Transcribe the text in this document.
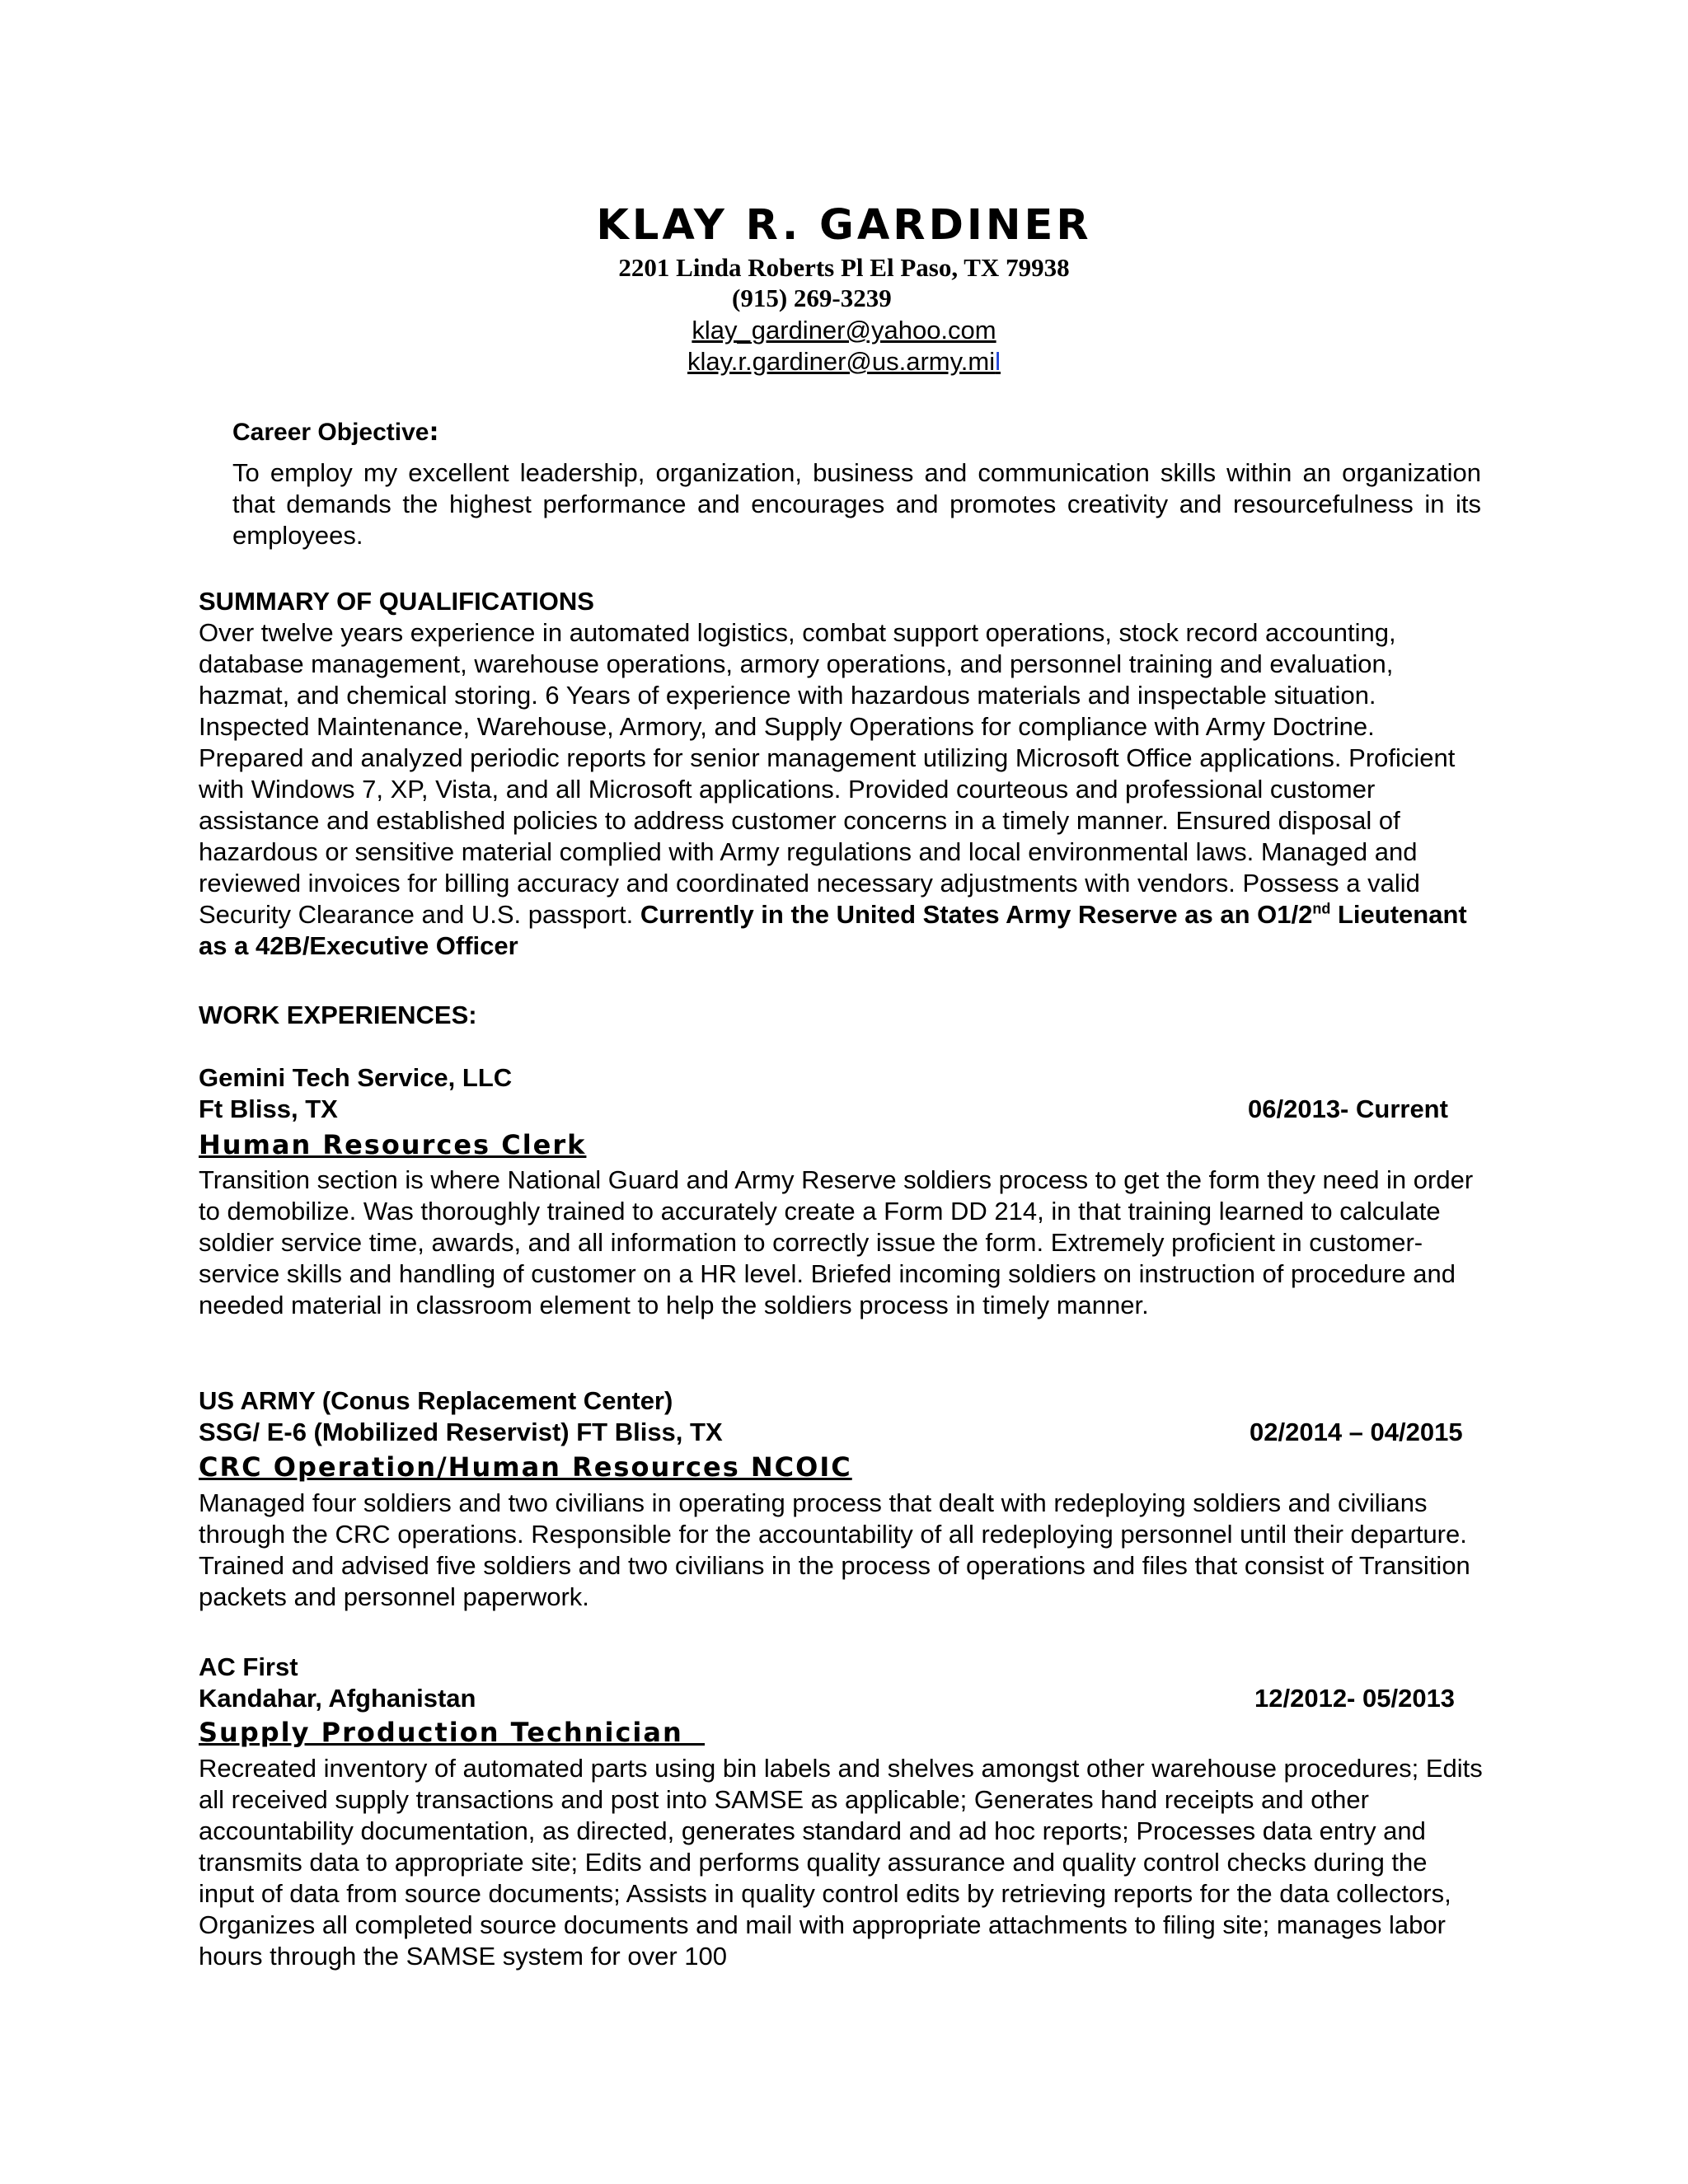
KLAY R. GARDINER
2201 Linda Roberts Pl El Paso, TX 79938
(915) 269-3239
klay_gardiner@yahoo.com
klay.r.gardiner@us.army.mil
Career Objective:
To employ my excellent leadership, organization, business and communication skills within an organization that demands the highest performance and encourages and promotes creativity and resourcefulness in its employees.
SUMMARY OF QUALIFICATIONS
Over twelve years experience in automated logistics, combat support operations, stock record accounting, database management, warehouse operations, armory operations, and personnel training and evaluation, hazmat, and chemical storing. 6 Years of experience with hazardous materials and inspectable situation. Inspected Maintenance, Warehouse, Armory, and Supply Operations for compliance with Army Doctrine. Prepared and analyzed periodic reports for senior management utilizing Microsoft Office applications. Proficient with Windows 7, XP, Vista, and all Microsoft applications. Provided courteous and professional customer assistance and established policies to address customer concerns in a timely manner. Ensured disposal of hazardous or sensitive material complied with Army regulations and local environmental laws. Managed and reviewed invoices for billing accuracy and coordinated necessary adjustments with vendors. Possess a valid Security Clearance and U.S. passport. Currently in the United States Army Reserve as an O1/2nd Lieutenant as a 42B/Executive Officer
WORK EXPERIENCES:
Gemini Tech Service, LLC
Ft Bliss, TX	06/2013- Current
Human Resources Clerk
Transition section is where National Guard and Army Reserve soldiers process to get the form they need in order to demobilize. Was thoroughly trained to accurately create a Form DD 214, in that training learned to calculate soldier service time, awards, and all information to correctly issue the form. Extremely proficient in customer-service skills and handling of customer on a HR level. Briefed incoming soldiers on instruction of procedure and needed material in classroom element to help the soldiers process in timely manner.
US ARMY (Conus Replacement Center)
SSG/ E-6 (Mobilized Reservist) FT Bliss, TX	02/2014 – 04/2015
CRC Operation/Human Resources NCOIC
Managed four soldiers and two civilians in operating process that dealt with redeploying soldiers and civilians through the CRC operations. Responsible for the accountability of all redeploying personnel until their departure. Trained and advised five soldiers and two civilians in the process of operations and files that consist of Transition packets and personnel paperwork.
AC First
Kandahar, Afghanistan	12/2012- 05/2013
Supply Production Technician
Recreated inventory of automated parts using bin labels and shelves amongst other warehouse procedures; Edits all received supply transactions and post into SAMSE as applicable; Generates hand receipts and other accountability documentation, as directed, generates standard and ad hoc reports; Processes data entry and transmits data to appropriate site; Edits and performs quality assurance and quality control checks during the input of data from source documents; Assists in quality control edits by retrieving reports for the data collectors, Organizes all completed source documents and mail with appropriate attachments to filing site; manages labor hours through the SAMSE system for over 100
